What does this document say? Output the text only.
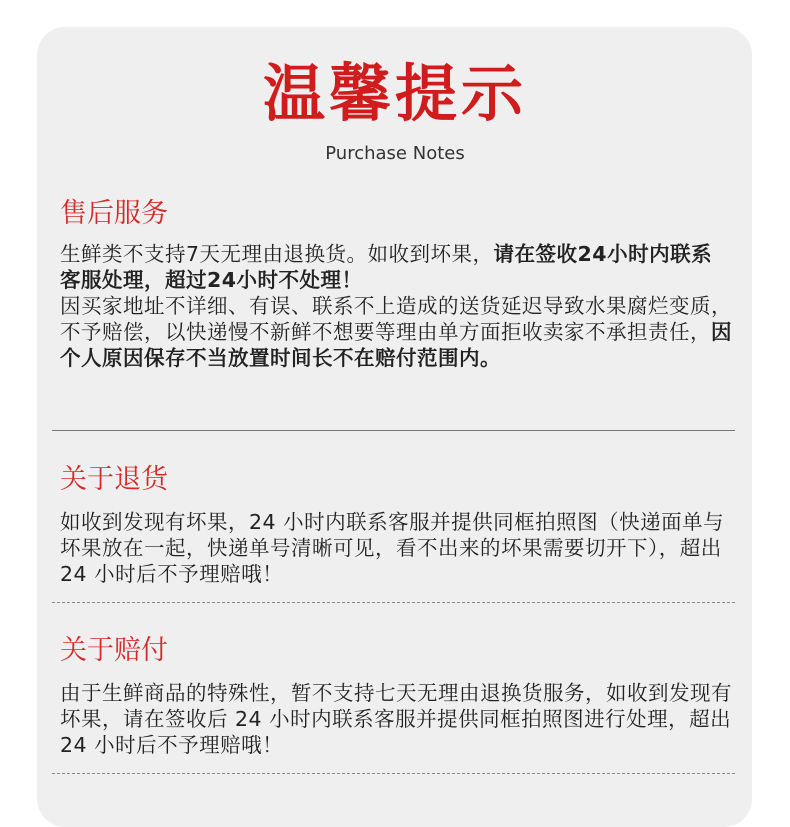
温馨提示
Purchase Notes
售后服务
生鲜类不支持7天无理由退换货。如收到坏果，请在签收24小时内联系客服处理，超过24小时不处理！
因买家地址不详细、有误、联系不上造成的送货延迟导致水果腐烂变质，不予赔偿，以快递慢不新鲜不想要等理由单方面拒收卖家不承担责任，因个人原因保存不当放置时间长不在赔付范围内。
关于退货
如收到发现有坏果，24 小时内联系客服并提供同框拍照图（快递面单与坏果放在一起，快递单号清晰可见，看不出来的坏果需要切开下），超出 24 小时后不予理赔哦！
关于赔付
由于生鲜商品的特殊性，暂不支持七天无理由退换货服务，如收到发现有坏果，请在签收后 24 小时内联系客服并提供同框拍照图进行处理，超出 24 小时后不予理赔哦！
